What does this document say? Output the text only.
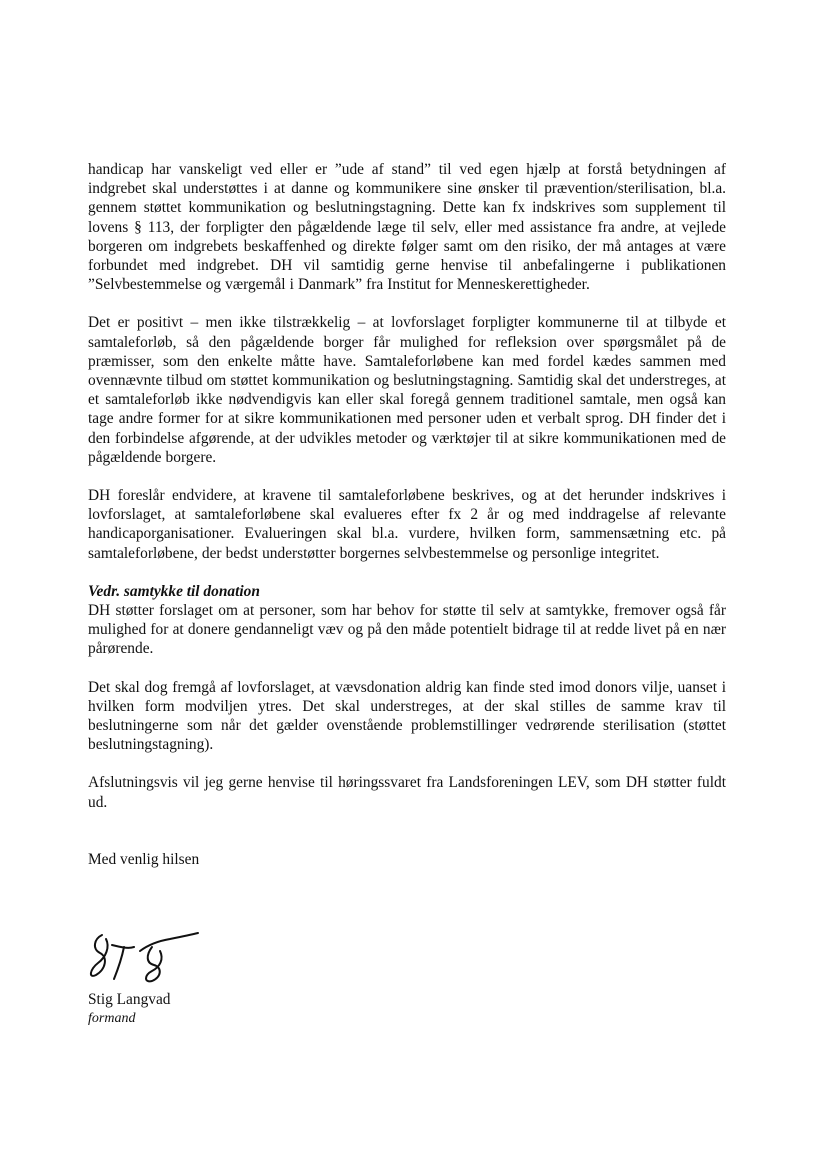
handicap har vanskeligt ved eller er ”ude af stand” til ved egen hjælp at forstå betydningen af indgrebet skal understøttes i at danne og kommunikere sine ønsker til prævention/sterilisation, bl.a. gennem støttet kommunikation og beslutningstagning. Dette kan fx indskrives som supplement til lovens § 113, der forpligter den pågældende læge til selv, eller med assistance fra andre, at vejlede borgeren om indgrebets beskaffenhed og direkte følger samt om den risiko, der må antages at være forbundet med indgrebet. DH vil samtidig gerne henvise til anbefalingerne i publikationen ”Selvbestemmelse og værgemål i Danmark” fra Institut for Menneskerettigheder.

Det er positivt – men ikke tilstrækkelig – at lovforslaget forpligter kommunerne til at tilbyde et samtaleforløb, så den pågældende borger får mulighed for refleksion over spørgsmålet på de præmisser, som den enkelte måtte have. Samtaleforløbene kan med fordel kædes sammen med ovennævnte tilbud om støttet kommunikation og beslutningstagning. Samtidig skal det understreges, at et samtaleforløb ikke nødvendigvis kan eller skal foregå gennem traditionel samtale, men også kan tage andre former for at sikre kommunikationen med personer uden et verbalt sprog. DH finder det i den forbindelse afgørende, at der udvikles metoder og værktøjer til at sikre kommunikationen med de pågældende borgere.

DH foreslår endvidere, at kravene til samtaleforløbene beskrives, og at det herunder indskrives i lovforslaget, at samtaleforløbene skal evalueres efter fx 2 år og med inddragelse af relevante handicaporganisationer. Evalueringen skal bl.a. vurdere, hvilken form, sammensætning etc. på samtaleforløbene, der bedst understøtter borgernes selvbestemmelse og personlige integritet.

Vedr. samtykke til donation

DH støtter forslaget om at personer, som har behov for støtte til selv at samtykke, fremover også får mulighed for at donere gendanneligt væv og på den måde potentielt bidrage til at redde livet på en nær pårørende.

Det skal dog fremgå af lovforslaget, at vævsdonation aldrig kan finde sted imod donors vilje, uanset i hvilken form modviljen ytres. Det skal understreges, at der skal stilles de samme krav til beslutningerne som når det gælder ovenstående problemstillinger vedrørende sterilisation (støttet beslutningstagning).

Afslutningsvis vil jeg gerne henvise til høringssvaret fra Landsforeningen LEV, som DH støtter fuldt ud.

Med venlig hilsen

Stig Langvad

formand
